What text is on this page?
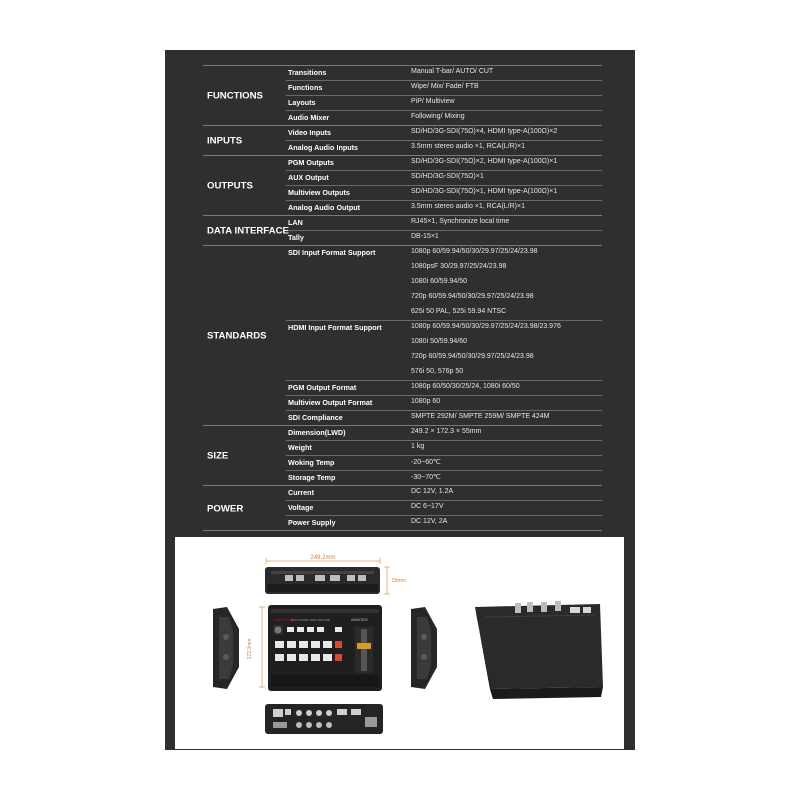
Transitions	Manual T-bar/ AUTO/ CUT
Functions	Wipe/ Mix/ Fade/ FTB
Layouts	PiP/ Multiview
Audio Mixer	Following/ Mixing
FUNCTIONS
Video Inputs	SD/HD/3G-SDI(75Ω)×4, HDMI type-A(100Ω)×2
Analog Audio Inputs	3.5mm stereo audio ×1, RCA(L/R)×1
INPUTS
PGM Outputs	SD/HD/3G-SDI(75Ω)×2, HDMI type-A(100Ω)×1
AUX Output	SD/HD/3G-SDI(75Ω)×1
Multiview Outputs	SD/HD/3G-SDI(75Ω)×1, HDMI type-A(100Ω)×1
Analog Audio Output	3.5mm stereo audio ×1, RCA(L/R)×1
OUTPUTS
LAN	RJ45×1, Synchronize local time
Tally	DB-15×1
DATA INTERFACE
SDI Input Format Support	1080p 60/59.94/50/30/29.97/25/24/23.98
1080psF 30/29.97/25/24/23.98
1080i 60/59.94/50
720p 60/59.94/50/30/29.97/25/24/23.98
625i 50 PAL, 525i 59.94 NTSC
HDMI Input Format Support	1080p 60/59.94/50/30/29.97/25/24/23.98/23.976
1080i 50/59.94/60
720p 60/59.94/50/30/29.97/25/24/23.98
576i 50, 576p 50
PGM Output Format	1080p 60/50/30/25/24, 1080i 60/50
Multiview Output Format	1080p 60
SDI Compliance	SMPTE 292M/ SMPTE 259M/ SMPTE 424M
STANDARDS
Dimension(LWD)	249.2 × 172.3 × 55mm
Weight	1 kg
Woking Temp	-20~60℃
Storage Temp	-30~70℃
SIZE
Current	DC 12V, 1.2A
Voltage	DC 6~17V
Power Supply	DC 12V, 2A
POWER
249.2mm
55mm
172.3mm
HVS0402U
MULTI-FORMAT VIDEO SWITCHER	AVMATRIX
